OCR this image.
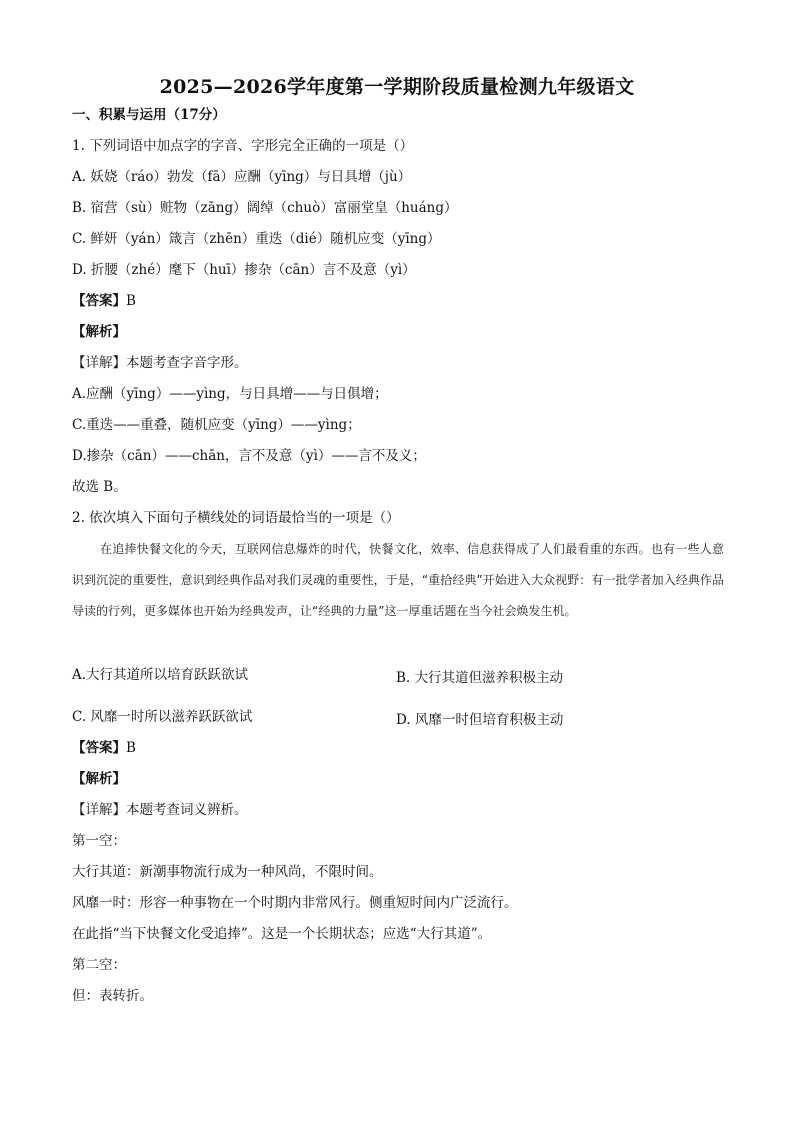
2025—2026学年度第一学期阶段质量检测九年级语文
一、积累与运用（17分）
1. 下列词语中加点字的字音、字形完全正确的一项是（）
A. 妖娆（ráo）勃发（fā）应酬（yīng）与日具增（jù）
B. 宿营（sù）赃物（zāng）阔绰（chuò）富丽堂皇（huáng）
C. 鲜妍（yán）箴言（zhēn）重迭（dié）随机应变（yīng）
D. 折腰（zhé）麾下（huī）掺杂（cān）言不及意（yì）
【答案】B
【解析】
【详解】本题考查字音字形。
A.应酬（yīng）——yìng，与日具增——与日俱增；
C.重迭——重叠，随机应变（yīng）——yìng；
D.掺杂（cān）——chān，言不及意（yì）——言不及义；
故选 B。
2. 依次填入下面句子横线处的词语最恰当的一项是（）
在追捧快餐文化的今天，互联网信息爆炸的时代，快餐文化，效率、信息获得成了人们最看重的东西。也有一些人意识到沉淀的重要性，意识到经典作品对我们灵魂的重要性，于是，“重拾经典”开始进入大众视野：有一批学者加入经典作品导读的行列，更多媒体也开始为经典发声，让“经典的力量”这一厚重话题在当今社会焕发生机。
A.大行其道所以培育跃跃欲试	B. 大行其道但滋养积极主动
C. 风靡一时所以滋养跃跃欲试	D. 风靡一时但培育积极主动
【答案】B
【解析】
【详解】本题考查词义辨析。
第一空：
大行其道：新潮事物流行成为一种风尚，不限时间。
风靡一时：形容一种事物在一个时期内非常风行。侧重短时间内广泛流行。
在此指“当下快餐文化受追捧”。这是一个长期状态；应选“大行其道”。
第二空：
但：表转折。
